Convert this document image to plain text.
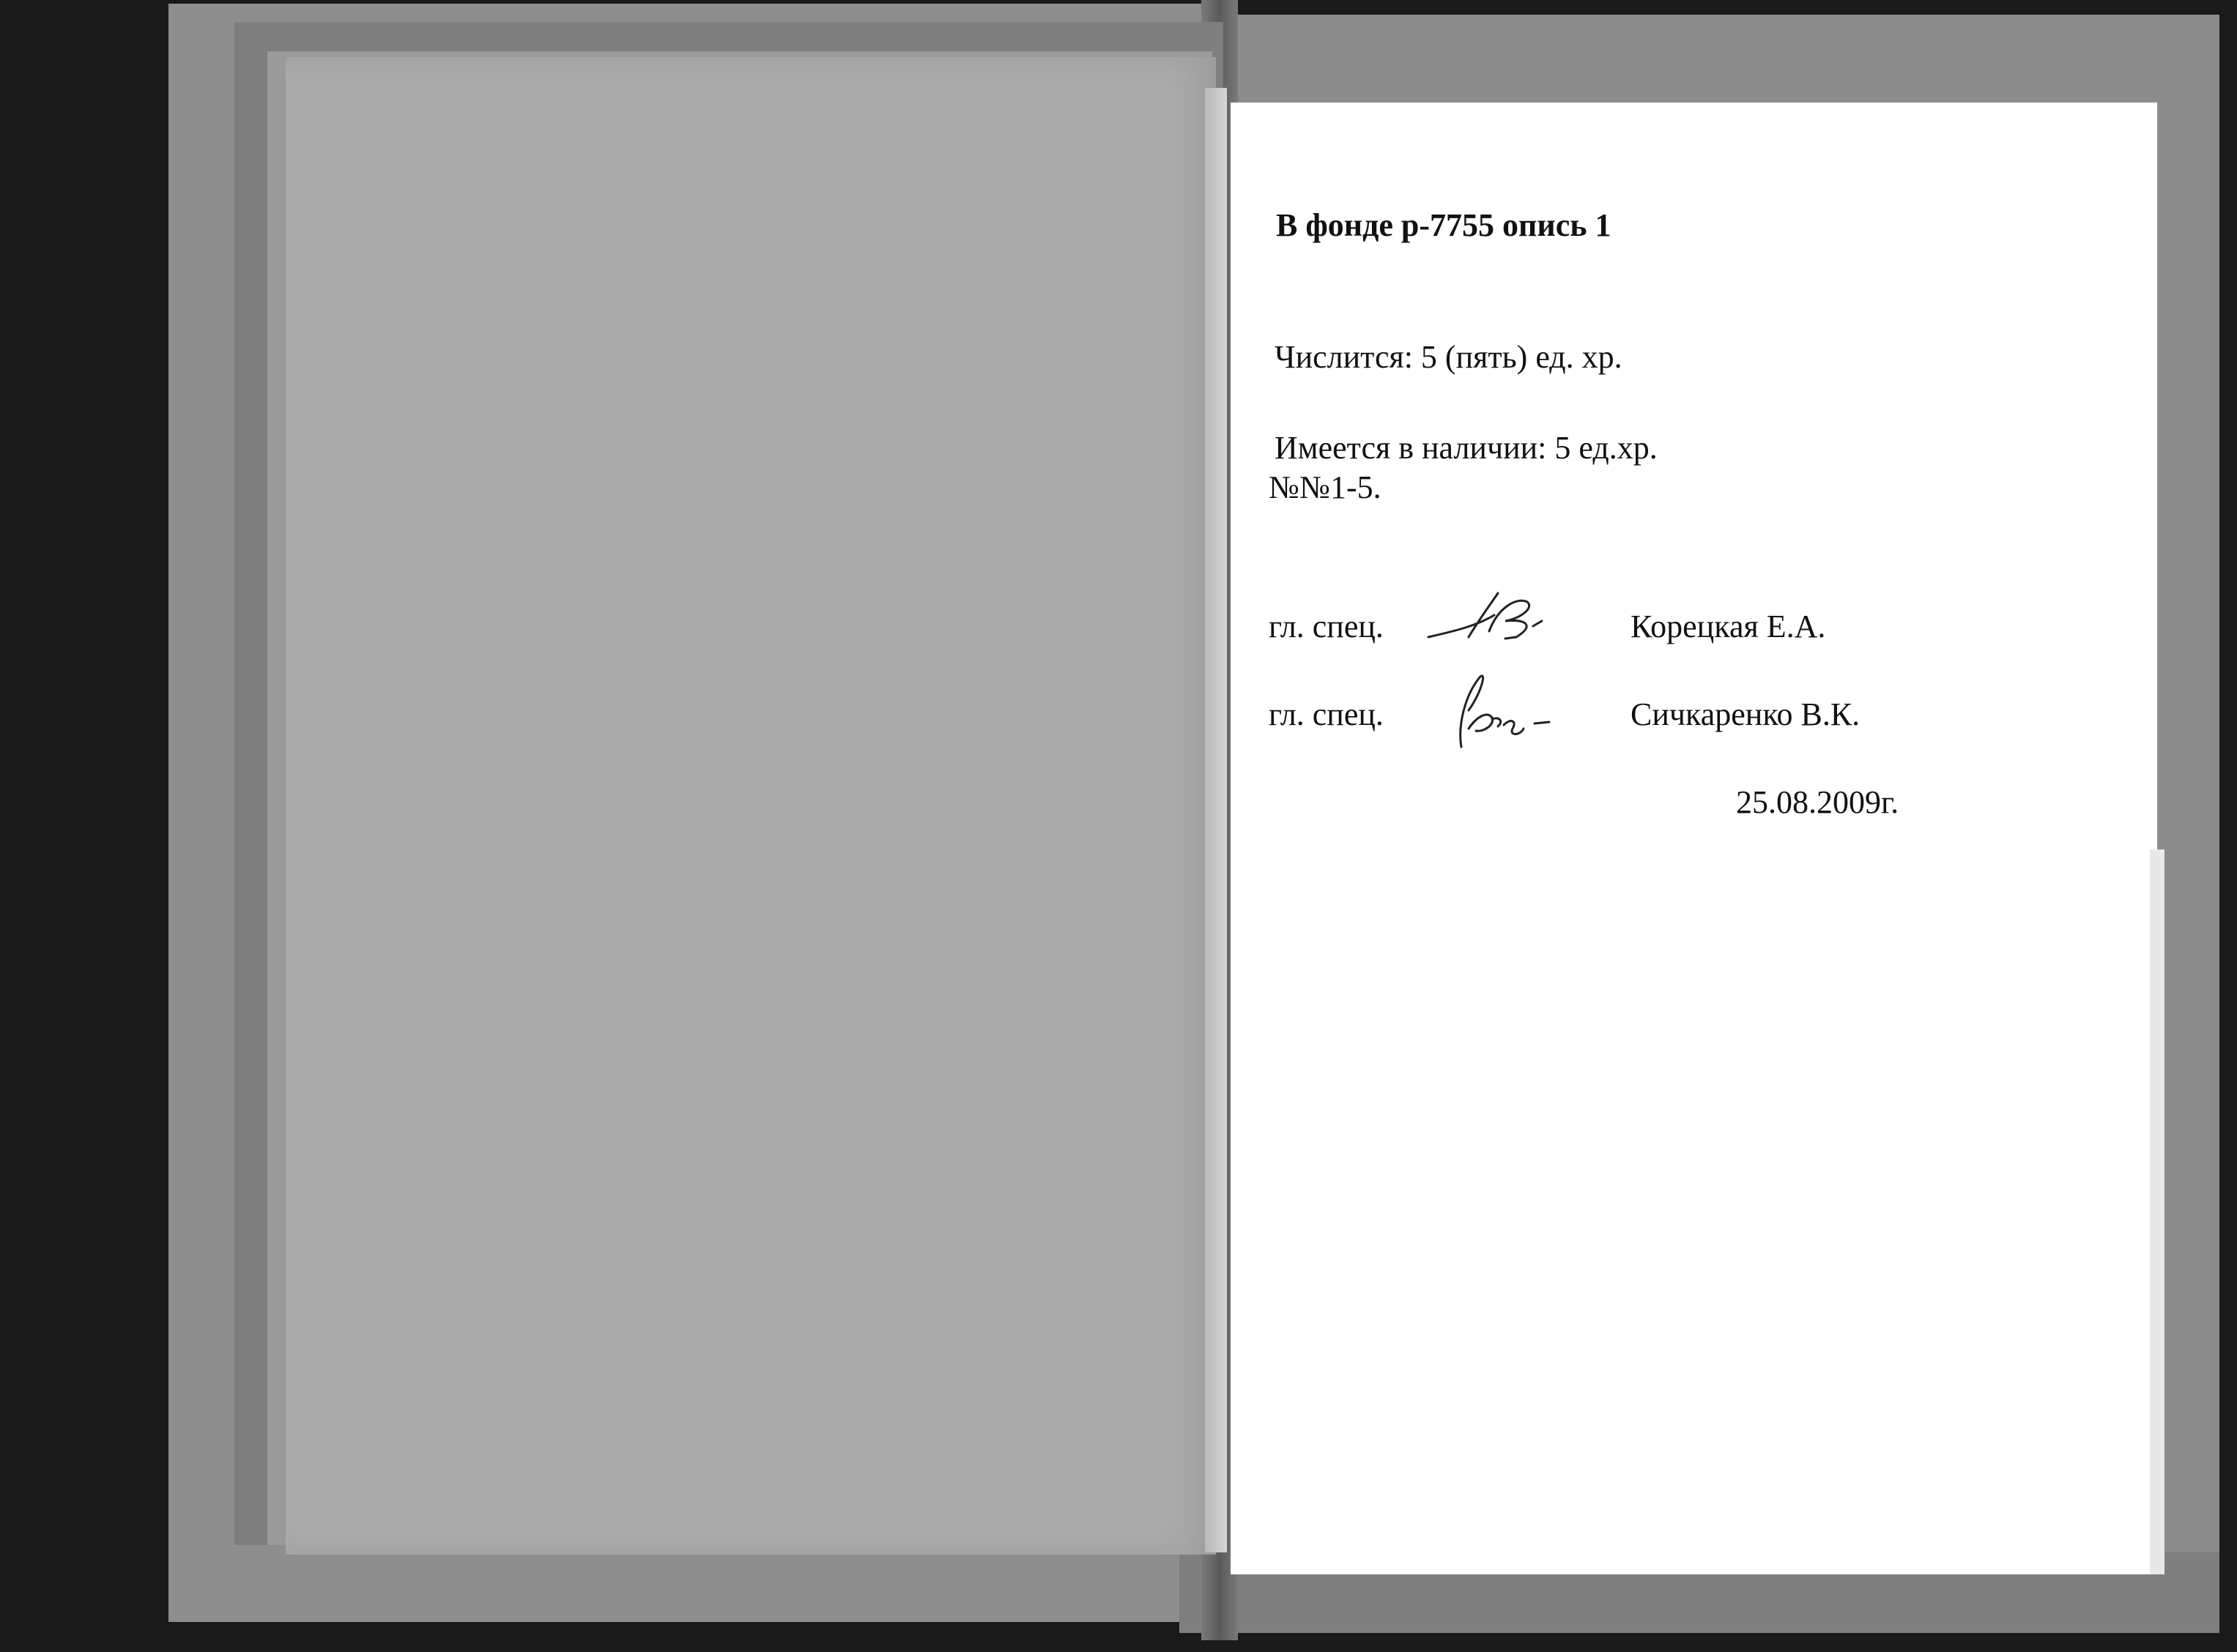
В фонде р-7755 опись 1
Числится: 5 (пять) ед. хр.
Имеется в наличии: 5 ед.хр.
№№1-5.
гл. спец.	Корецкая Е.А.
гл. спец.	Сичкаренко В.К.
25.08.2009г.
